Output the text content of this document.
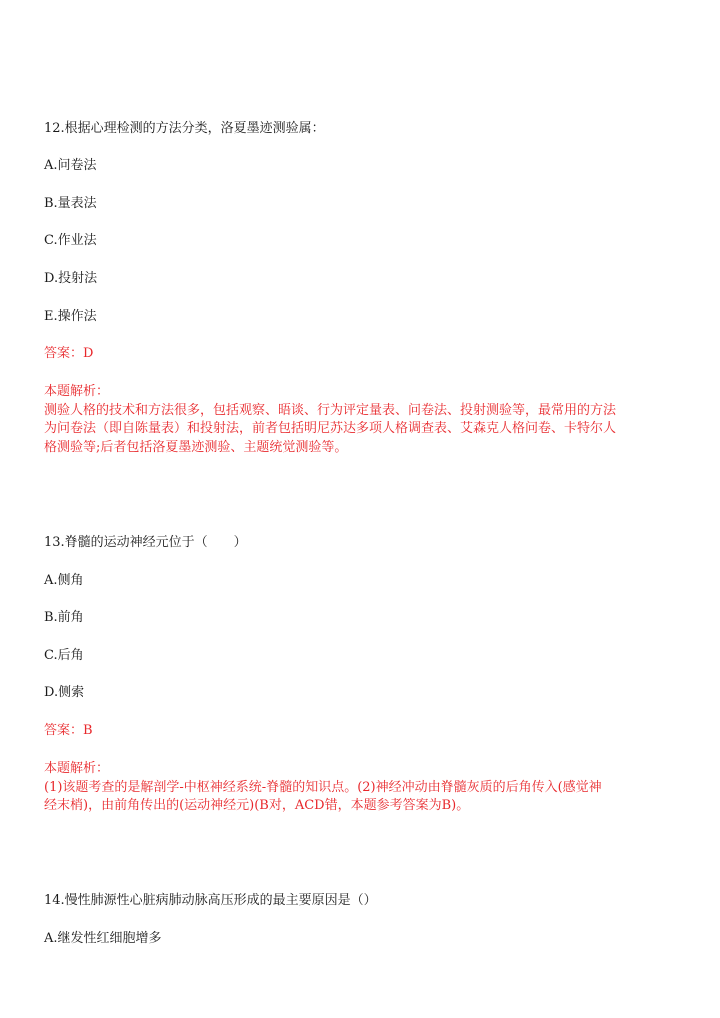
12.根据心理检测的方法分类，洛夏墨迹测验属：
A.问卷法
B.量表法
C.作业法
D.投射法
E.操作法
答案：D
本题解析：
测验人格的技术和方法很多，包括观察、晤谈、行为评定量表、问卷法、投射测验等，最常用的方法
为问卷法（即自陈量表）和投射法，前者包括明尼苏达多项人格调查表、艾森克人格问卷、卡特尔人
格测验等;后者包括洛夏墨迹测验、主题统觉测验等。
13.脊髓的运动神经元位于（　　）
A.侧角
B.前角
C.后角
D.侧索
答案：B
本题解析：
(1)该题考查的是解剖学-中枢神经系统-脊髓的知识点。(2)神经冲动由脊髓灰质的后角传入(感觉神
经末梢)，由前角传出的(运动神经元)(B对，ACD错，本题参考答案为B)。
14.慢性肺源性心脏病肺动脉高压形成的最主要原因是（）
A.继发性红细胞增多
